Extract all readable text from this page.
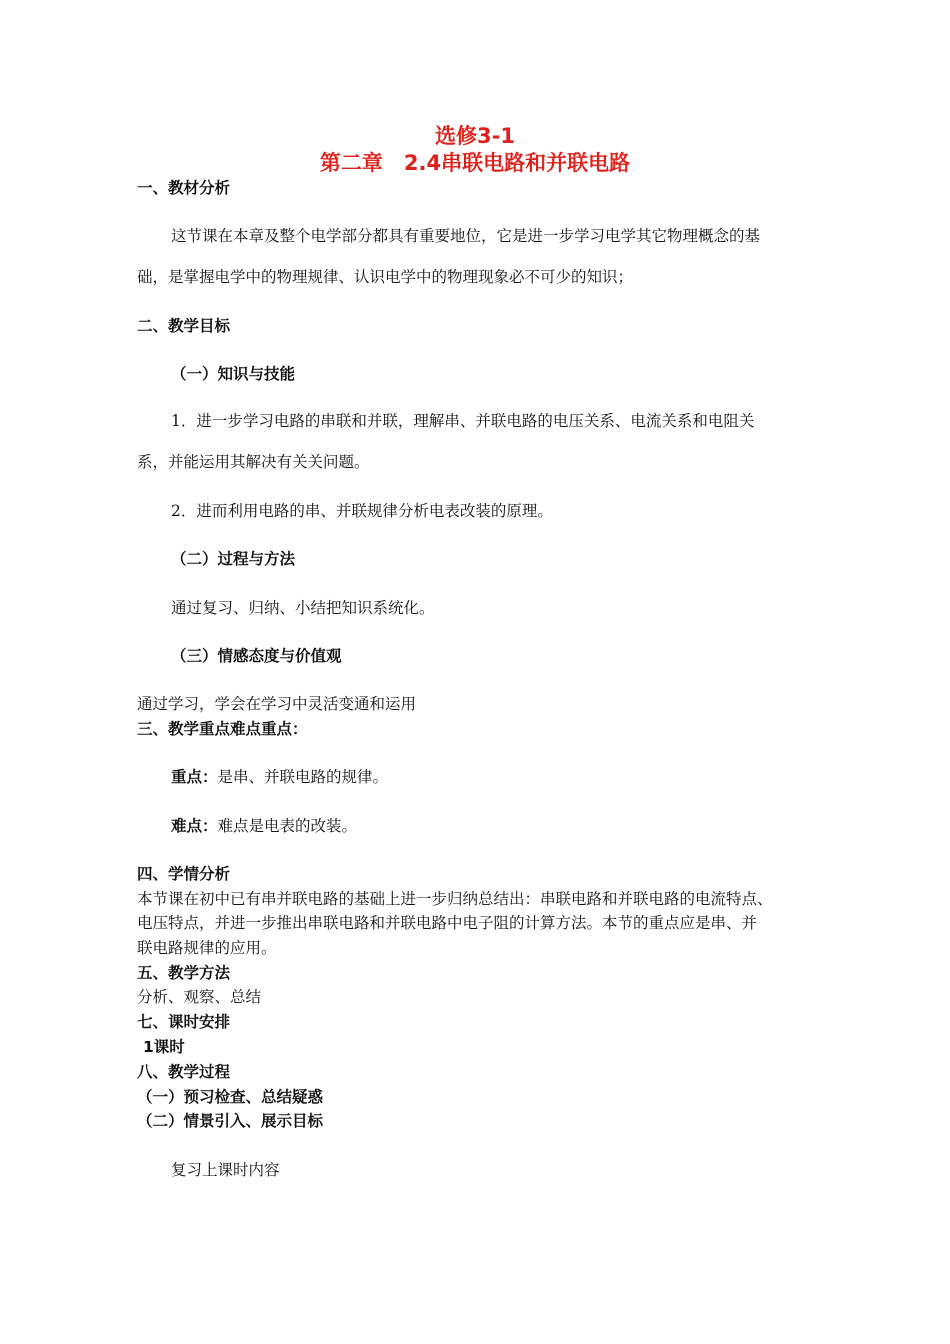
选修3-1
第二章　2.4串联电路和并联电路
一、教材分析
这节课在本章及整个电学部分都具有重要地位，它是进一步学习电学其它物理概念的基
础，是掌握电学中的物理规律、认识电学中的物理现象必不可少的知识；
二、教学目标
（一）知识与技能
1．进一步学习电路的串联和并联，理解串、并联电路的电压关系、电流关系和电阻关
系，并能运用其解决有关关问题。
2．进而利用电路的串、并联规律分析电表改装的原理。
（二）过程与方法
通过复习、归纳、小结把知识系统化。
（三）情感态度与价值观
通过学习，学会在学习中灵活变通和运用
三、教学重点难点重点：
重点：是串、并联电路的规律。
难点：难点是电表的改装。
四、学情分析
本节课在初中已有串并联电路的基础上进一步归纳总结出：串联电路和并联电路的电流特点、
电压特点，并进一步推出串联电路和并联电路中电子阻的计算方法。本节的重点应是串、并
联电路规律的应用。
五、教学方法
分析、观察、总结
七、课时安排
1课时
八、教学过程
（一）预习检查、总结疑惑
（二）情景引入、展示目标
复习上课时内容
